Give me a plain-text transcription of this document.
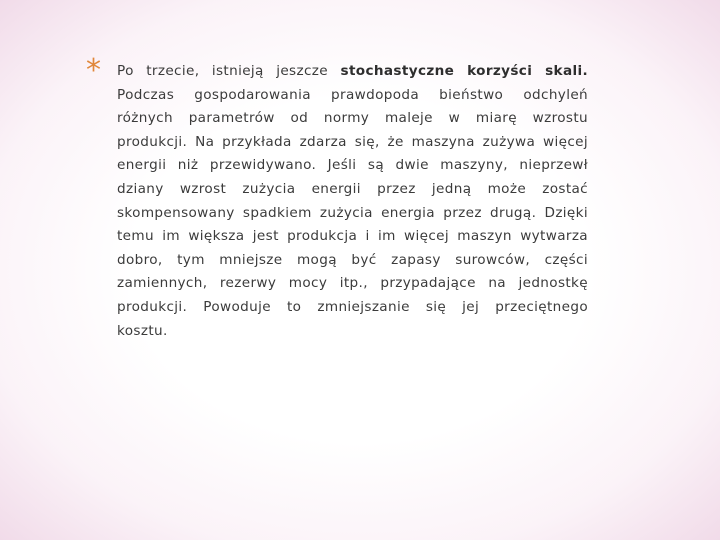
*	Po trzecie, istnieją jeszcze stochastyczne korzyści skali. Podczas gospodarowania prawdopoda bieństwo odchyleń różnych parametrów od normy maleje w miarę wzrostu produkcji. Na przykłada zdarza się, że maszyna zużywa więcej energii niż przewidywano. Jeśli są dwie maszyny, nieprzewł dziany wzrost zużycia energii przez jedną może zostać skompensowany spadkiem zużycia energia przez drugą. Dzięki temu im większa jest produkcja i im więcej maszyn wytwarza dobro, tym mniejsze mogą być zapasy surowców, części zamiennych, rezerwy mocy itp., przypadające na jednostkę produkcji. Powoduje to zmniejszanie się jej przeciętnego kosztu.
